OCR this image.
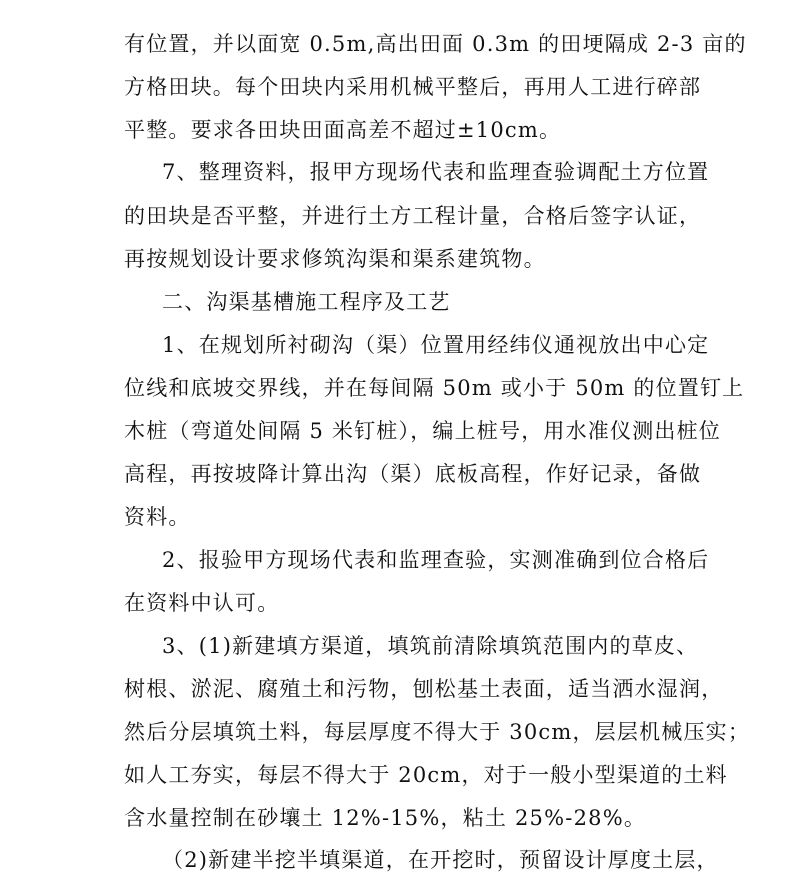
有位置，并以面宽 0.5m,高出田面 0.3m 的田埂隔成 2-3 亩的
方格田块。每个田块内采用机械平整后，再用人工进行碎部
平整。要求各田块田面高差不超过±10cm。
7、整理资料，报甲方现场代表和监理查验调配土方位置
的田块是否平整，并进行土方工程计量，合格后签字认证，
再按规划设计要求修筑沟渠和渠系建筑物。
二、沟渠基槽施工程序及工艺
1、在规划所衬砌沟（渠）位置用经纬仪通视放出中心定
位线和底坡交界线，并在每间隔 50m 或小于 50m 的位置钉上
木桩（弯道处间隔 5 米钉桩），编上桩号，用水准仪测出桩位
高程，再按坡降计算出沟（渠）底板高程，作好记录，备做
资料。
2、报验甲方现场代表和监理查验，实测准确到位合格后
在资料中认可。
3、(1)新建填方渠道，填筑前清除填筑范围内的草皮、
树根、淤泥、腐殖土和污物，刨松基土表面，适当洒水湿润，
然后分层填筑土料，每层厚度不得大于 30cm，层层机械压实；
如人工夯实，每层不得大于 20cm，对于一般小型渠道的土料
含水量控制在砂壤土 12%-15%，粘土 25%-28%。
（2)新建半挖半填渠道，在开挖时，预留设计厚度土层，
